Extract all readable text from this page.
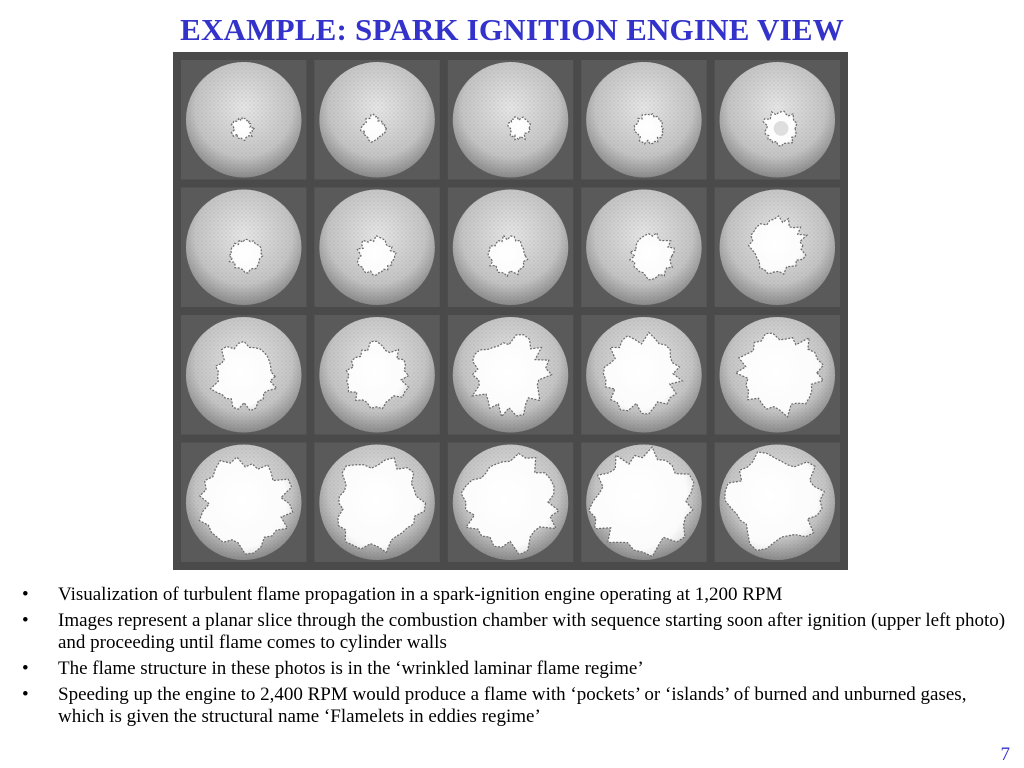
EXAMPLE: SPARK IGNITION ENGINE VIEW
• Visualization of turbulent flame propagation in a spark-ignition engine operating at 1,200 RPM
• Images represent a planar slice through the combustion chamber with sequence starting soon after ignition (upper left photo) and proceeding until flame comes to cylinder walls
• The flame structure in these photos is in the ‘wrinkled laminar flame regime’
• Speeding up the engine to 2,400 RPM would produce a flame with ‘pockets’ or ‘islands’ of burned and unburned gases, which is given the structural name ‘Flamelets in eddies regime’
7
